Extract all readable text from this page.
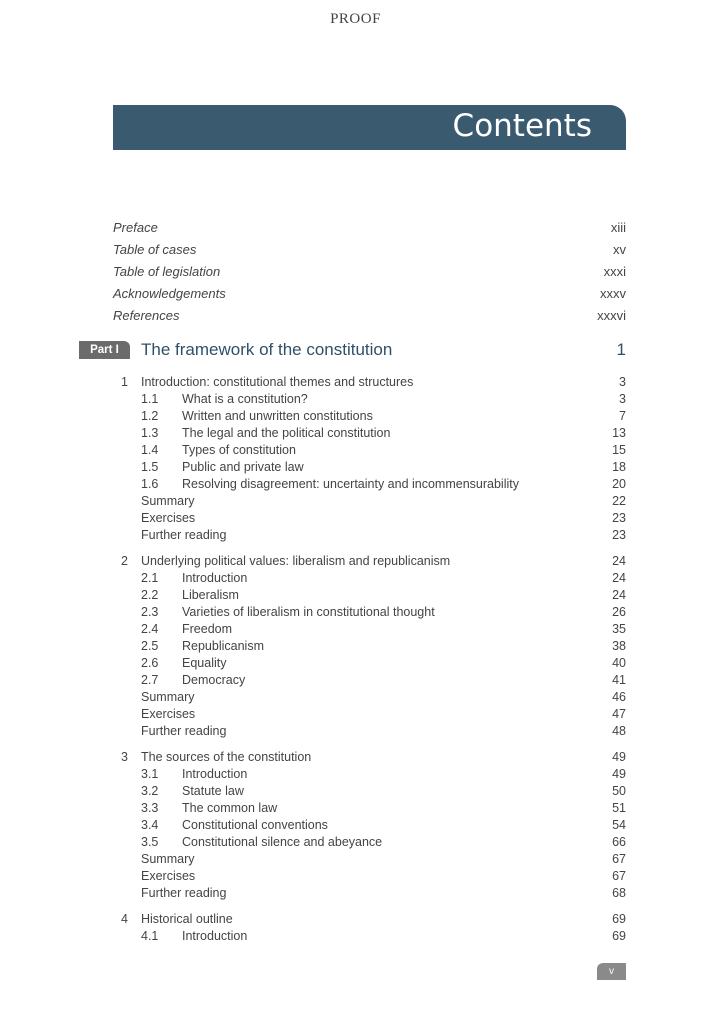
PROOF
Contents
Preface	xiii
Table of cases	xv
Table of legislation	xxxi
Acknowledgements	xxxv
References	xxxvi
Part I	The framework of the constitution	1
1 Introduction: constitutional themes and structures	3
1.1 What is a constitution?	3
1.2 Written and unwritten constitutions	7
1.3 The legal and the political constitution	13
1.4 Types of constitution	15
1.5 Public and private law	18
1.6 Resolving disagreement: uncertainty and incommensurability	20
Summary	22
Exercises	23
Further reading	23
2 Underlying political values: liberalism and republicanism	24
2.1 Introduction	24
2.2 Liberalism	24
2.3 Varieties of liberalism in constitutional thought	26
2.4 Freedom	35
2.5 Republicanism	38
2.6 Equality	40
2.7 Democracy	41
Summary	46
Exercises	47
Further reading	48
3 The sources of the constitution	49
3.1 Introduction	49
3.2 Statute law	50
3.3 The common law	51
3.4 Constitutional conventions	54
3.5 Constitutional silence and abeyance	66
Summary	67
Exercises	67
Further reading	68
4 Historical outline	69
4.1 Introduction	69
v
